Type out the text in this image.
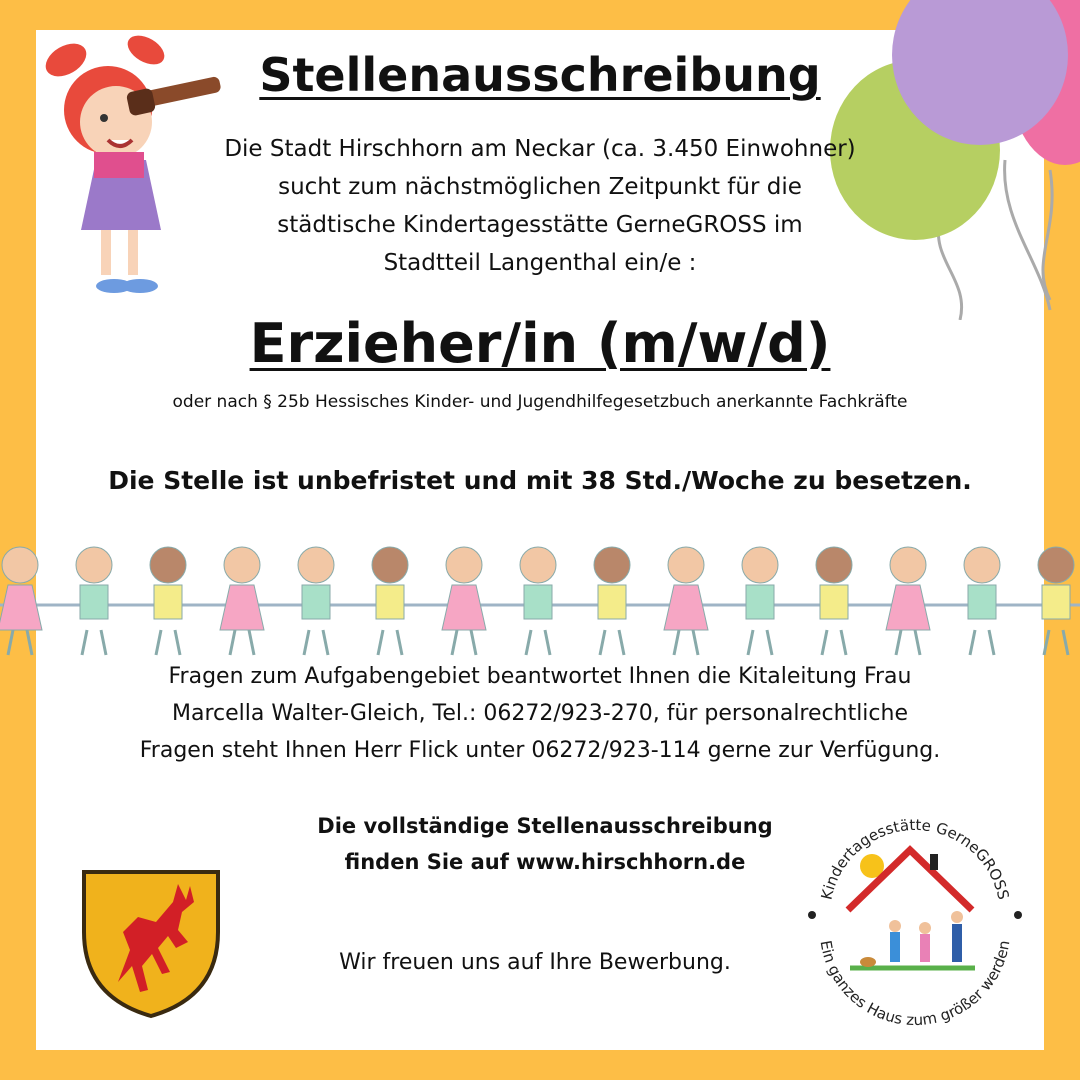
Stellenausschreibung
Die Stadt Hirschhorn am Neckar (ca. 3.450 Einwohner)
sucht zum nächstmöglichen Zeitpunkt für die
städtische Kindertagesstätte GerneGROSS im
Stadtteil Langenthal ein/e :
Erzieher/in (m/w/d)
oder nach § 25b Hessisches Kinder- und Jugendhilfegesetzbuch anerkannte Fachkräfte
Die Stelle ist unbefristet und mit 38 Std./Woche zu besetzen.
Fragen zum Aufgabengebiet beantwortet Ihnen die Kitaleitung Frau
Marcella Walter-Gleich, Tel.: 06272/923-270, für personalrechtliche
Fragen steht Ihnen Herr Flick unter 06272/923-114 gerne zur Verfügung.
Die vollständige Stellenausschreibung
finden Sie auf www.hirschhorn.de
Wir freuen uns auf Ihre Bewerbung.
Kindertagesstätte GerneGROSS
Ein ganzes Haus zum größer werden
